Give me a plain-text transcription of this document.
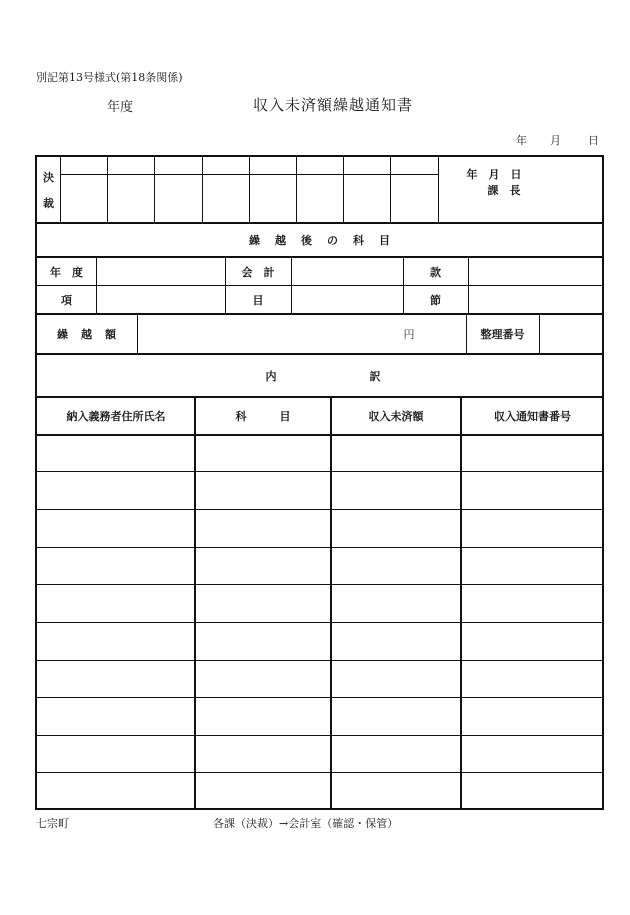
別記第13号様式(第18条関係)
年度	収入未済額繰越通知書
年 月 日
決
裁
年　月　日
課　長
繰　越　後　の　科　目
年　度	会　計	款
項	目	節
繰　越　額	円	整理番号
内	訳
納入義務者住所氏名	科　　　目	収入未済額	収入通知書番号
七宗町	各課（決裁）→会計室（確認・保管）
